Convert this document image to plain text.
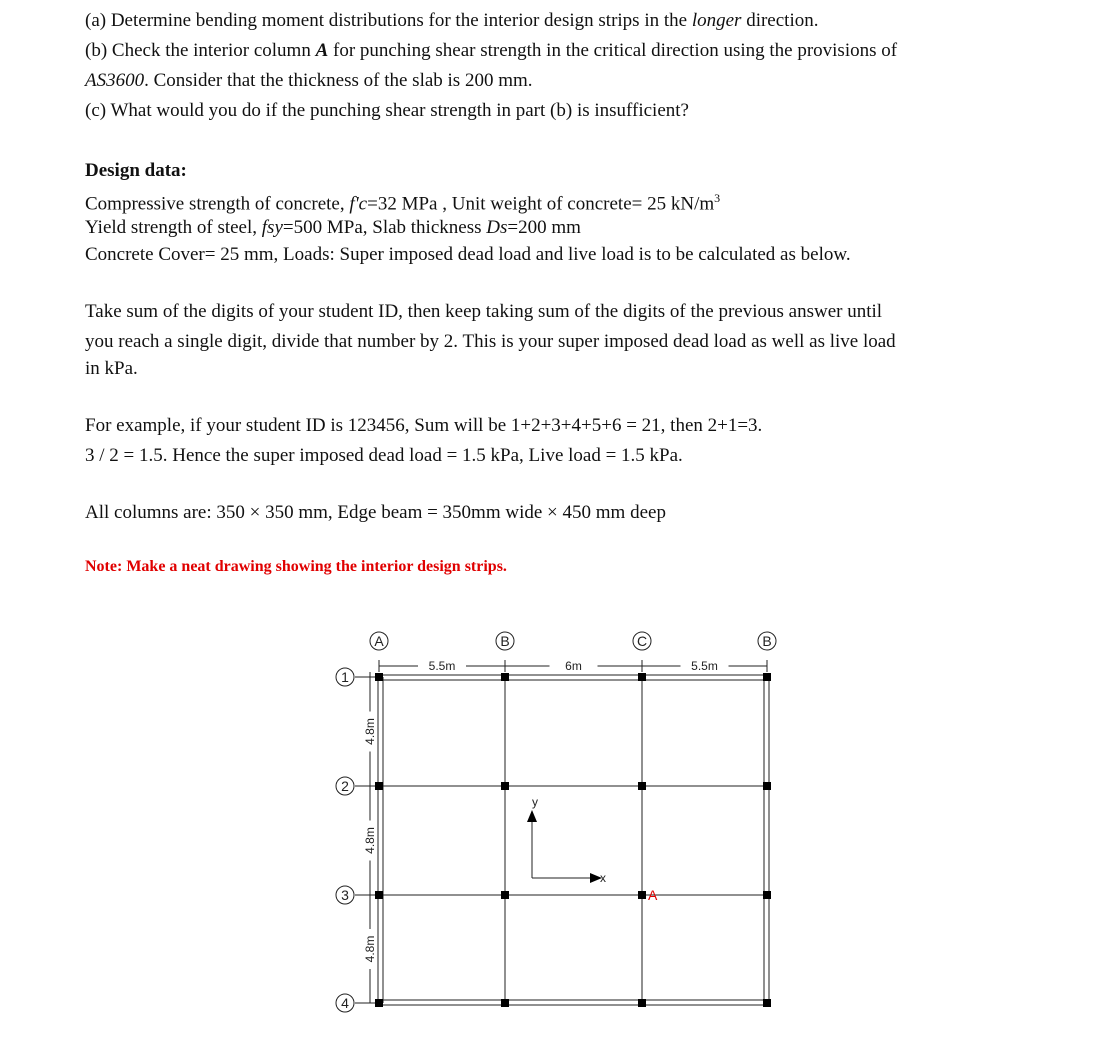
(a) Determine bending moment distributions for the interior design strips in the longer direction.

(b) Check the interior column A for punching shear strength in the critical direction using the provisions of

AS3600. Consider that the thickness of the slab is 200 mm.

(c) What would you do if the punching shear strength in part (b) is insufficient?

Design data:

Compressive strength of concrete, f'c=32 MPa , Unit weight of concrete= 25 $kN/m^3$

Yield strength of steel, fsy=500 MPa, Slab thickness Ds=200 mm

Concrete Cover= 25 mm, Loads: Super imposed dead load and live load is to be calculated as below.

Take sum of the digits of your student ID, then keep taking sum of the digits of the previous answer until

you reach a single digit, divide that number by 2. This is your super imposed dead load as well as live load

in kPa.

For example, if your student ID is 123456, Sum will be 1+2+3+4+5+6 = 21, then 2+1=3.

3 / 2 = 1.5. Hence the super imposed dead load = 1.5 kPa, Live load = 1.5 kPa.

All columns are: 350 × 350 mm, Edge beam = 350mm wide × 450 mm deep

Note: Make a neat drawing showing the interior design strips.

A	B	C	B
1
2
3
4
5.5m	6m	5.5m
4.8m
4.8m
4.8m
y
x
A
